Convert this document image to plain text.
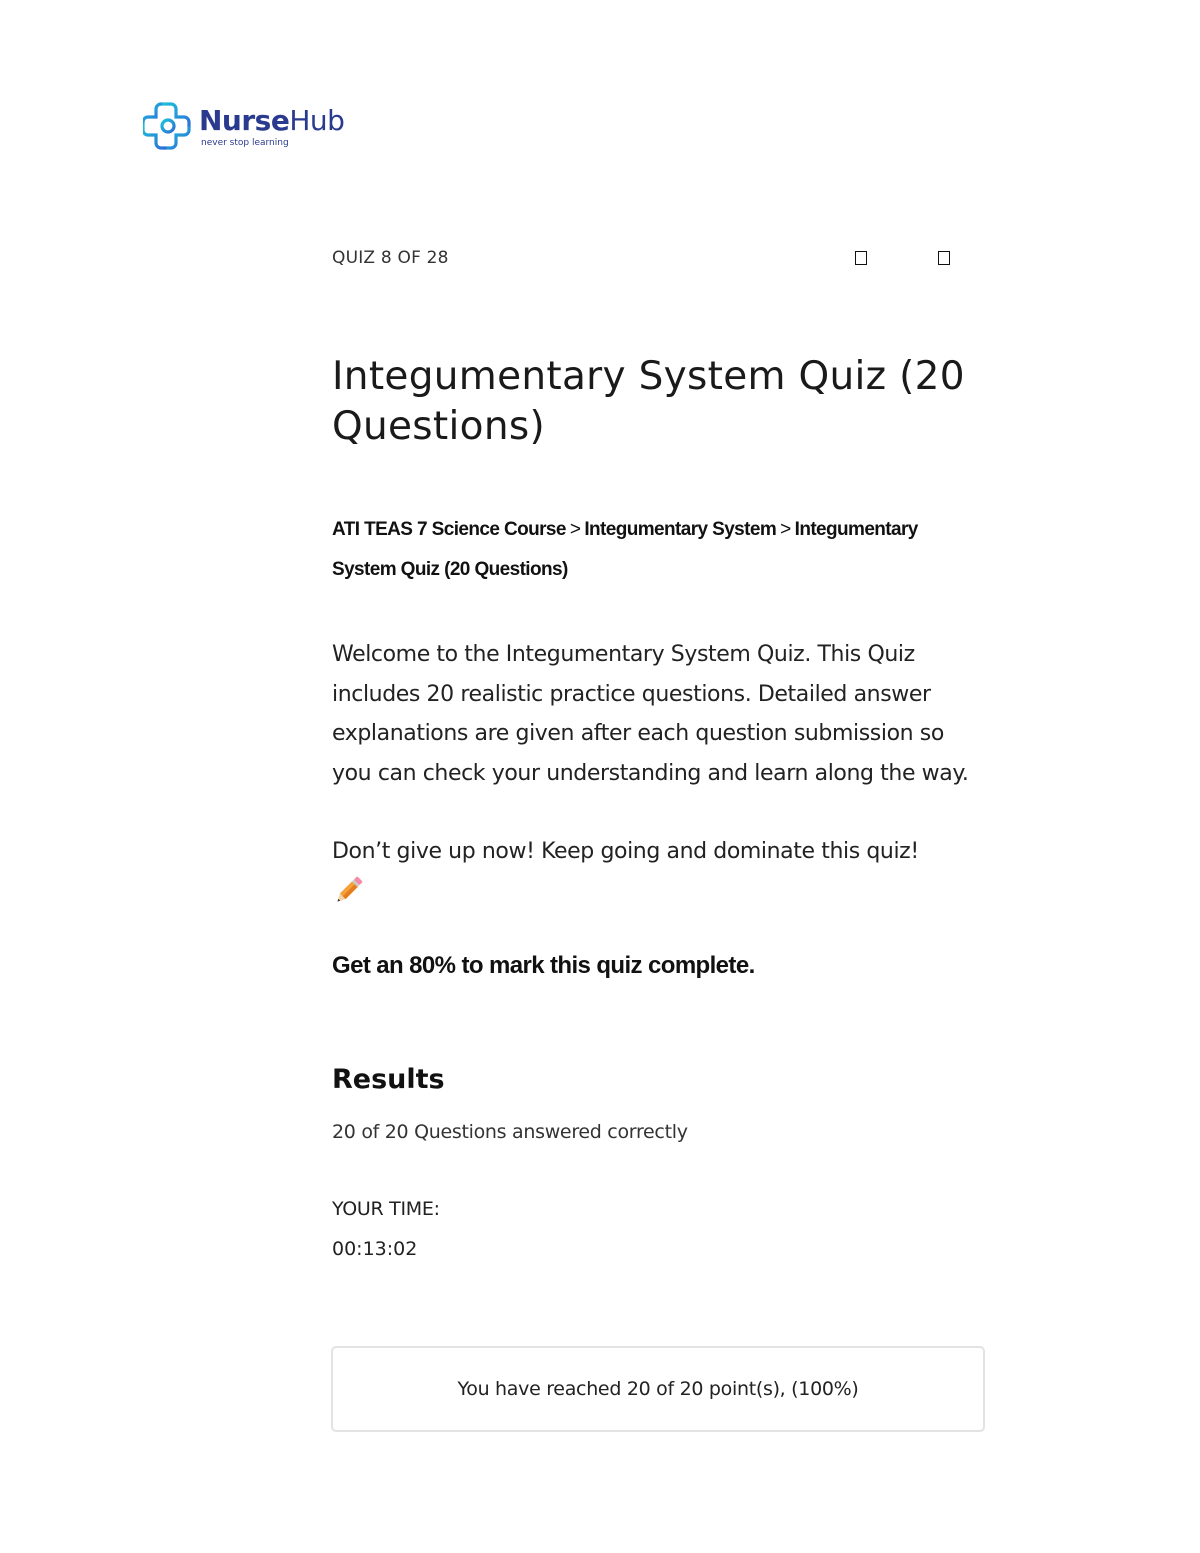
NurseHub
never stop learning
QUIZ 8 OF 28
Integumentary System Quiz (20 Questions)
ATI TEAS 7 Science Course > Integumentary System > Integumentary System Quiz (20 Questions)
Welcome to the Integumentary System Quiz. This Quiz includes 20 realistic practice questions. Detailed answer explanations are given after each question submission so you can check your understanding and learn along the way.
Don’t give up now! Keep going and dominate this quiz!
Get an 80% to mark this quiz complete.
Results
20 of 20 Questions answered correctly
YOUR TIME:
00:13:02
You have reached 20 of 20 point(s), (100%)
